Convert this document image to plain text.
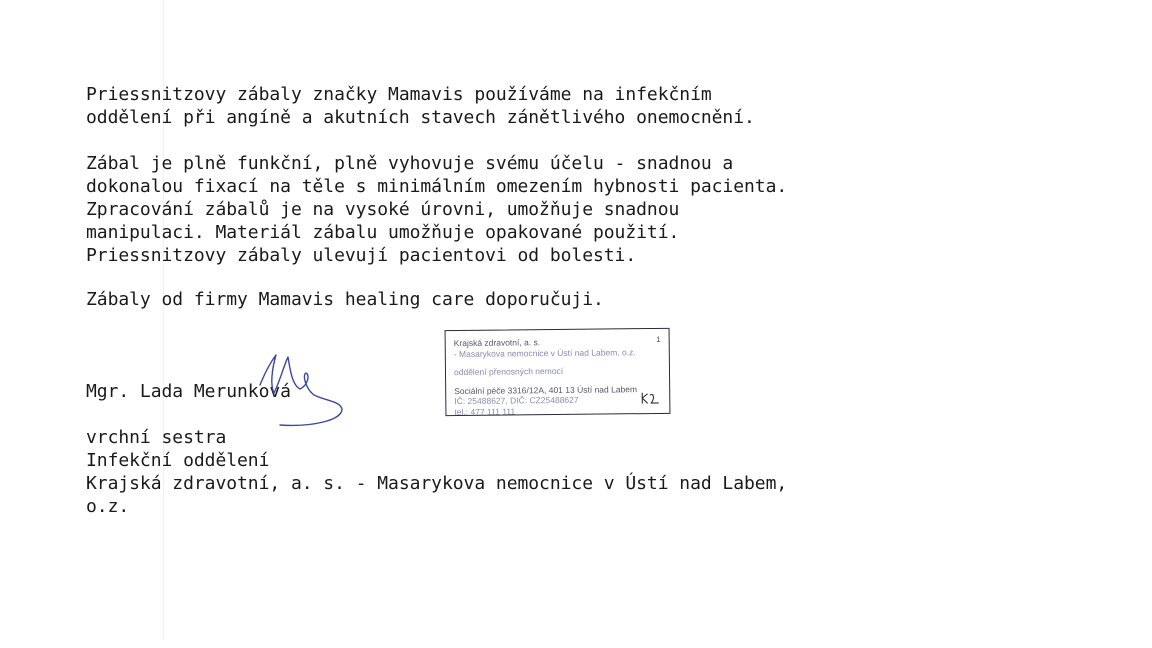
Priessnitzovy zábaly značky Mamavis používáme na infekčním
oddělení při angíně a akutních stavech zánětlivého onemocnění.

Zábal je plně funkční, plně vyhovuje svému účelu - snadnou a
dokonalou fixací na těle s minimálním omezením hybnosti pacienta.
Zpracování zábalů je na vysoké úrovni, umožňuje snadnou
manipulaci. Materiál zábalu umožňuje opakované použití.
Priessnitzovy zábaly ulevují pacientovi od bolesti.

Zábaly od firmy Mamavis healing care doporučuji.

Mgr. Lada Merunková

vrchní sestra
Infekční oddělení
Krajská zdravotní, a. s. - Masarykova nemocnice v Ústí nad Labem,
o.z.

1
Krajská zdravotní, a. s.
- Masarykova nemocnice v Ústí nad Labem, o.z.
oddělení přenosných nemocí
Sociální péče 3316/12A, 401 13 Ústí nad Labem
IČ: 25488627, DIČ: CZ25488627
tel.: 477 111 111
